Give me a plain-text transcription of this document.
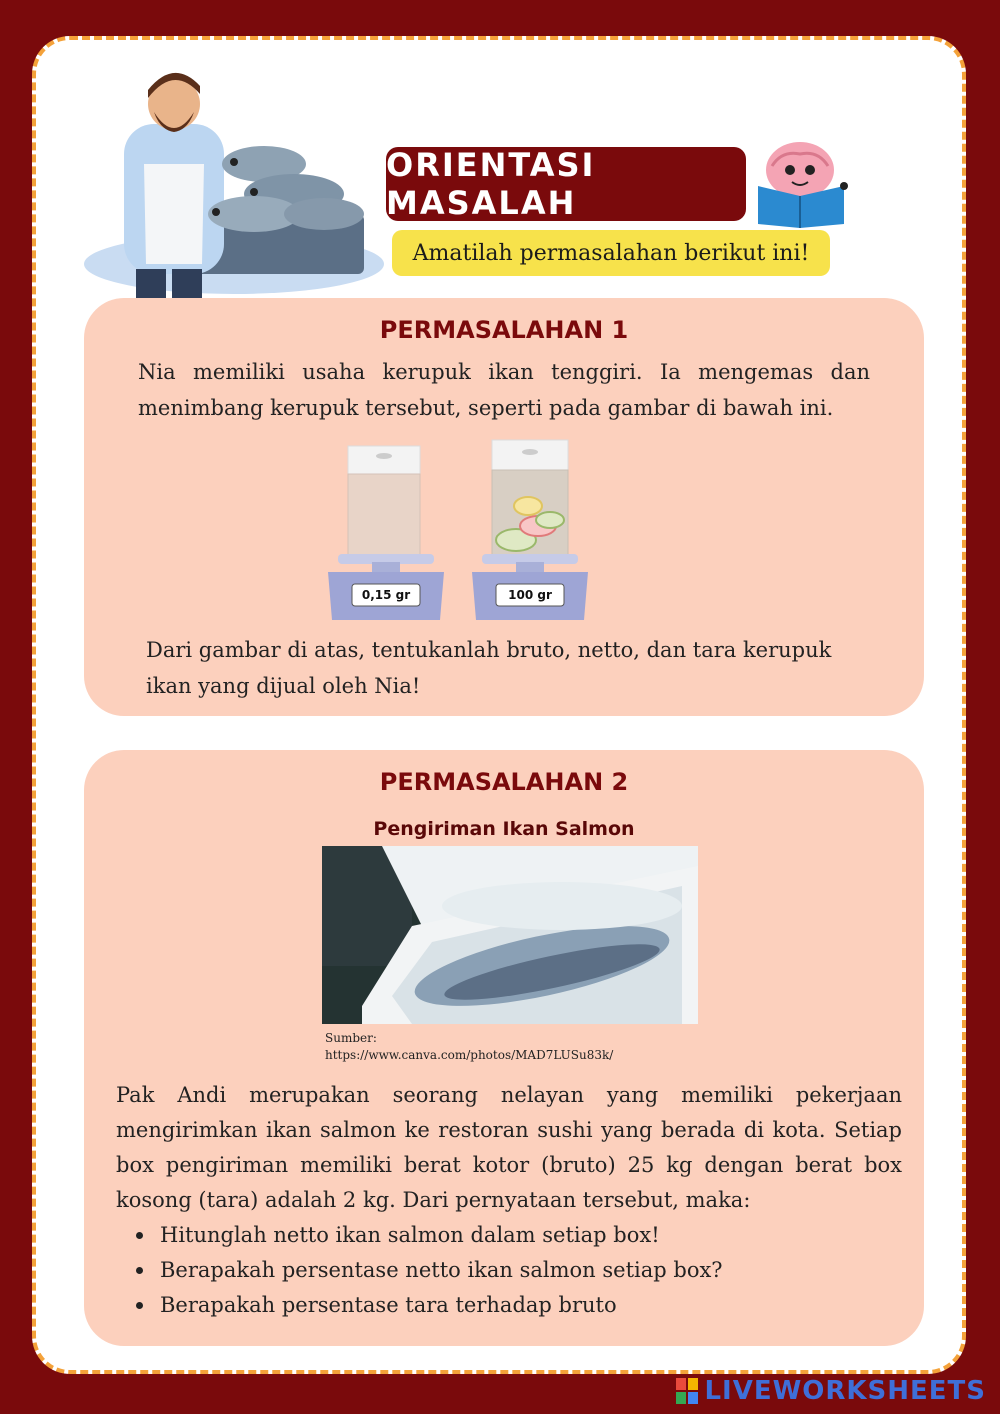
ORIENTASI MASALAH
Amatilah permasalahan berikut ini!
PERMASALAHAN 1
Nia memiliki usaha kerupuk ikan tenggiri. Ia mengemas dan menimbang kerupuk tersebut, seperti pada gambar di bawah ini.
Dari gambar di atas, tentukanlah bruto, netto, dan tara kerupuk ikan yang dijual oleh Nia!
0,15 gr	100 gr
PERMASALAHAN 2
Pengiriman Ikan Salmon
Pak Andi merupakan seorang nelayan yang memiliki pekerjaan mengirimkan ikan salmon ke restoran sushi yang berada di kota. Setiap box pengiriman memiliki berat kotor (bruto) 25 kg dengan berat box kosong (tara) adalah 2 kg. Dari pernyataan tersebut, maka:
Sumber:
https://www.canva.com/photos/MAD7LUSu83k/
Hitunglah netto ikan salmon dalam setiap box!
Berapakah persentase netto ikan salmon setiap box?
Berapakah persentase tara terhadap bruto
LIVEWORKSHEETS
